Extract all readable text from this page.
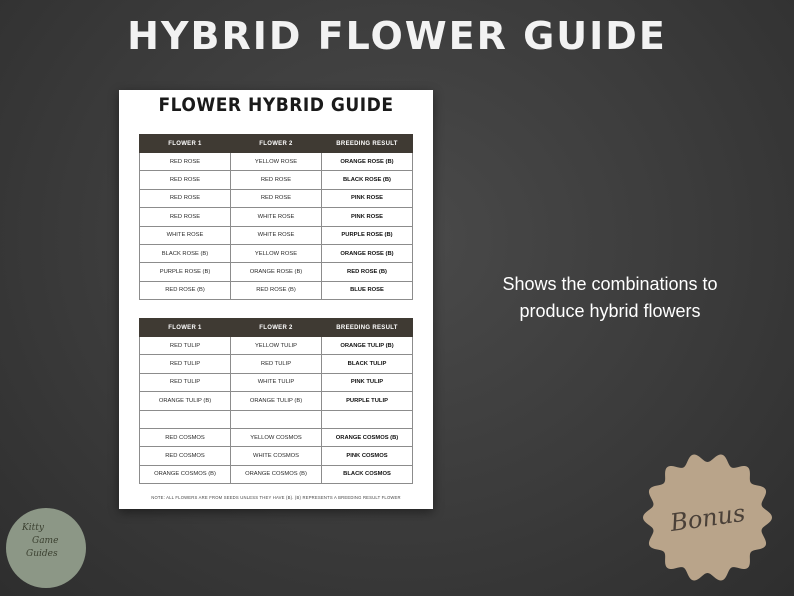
HYBRID FLOWER GUIDE
FLOWER HYBRID GUIDE
FLOWER 1	FLOWER 2	BREEDING RESULT
RED ROSE	YELLOW ROSE	ORANGE ROSE (B)
RED ROSE	RED ROSE	BLACK ROSE (B)
RED ROSE	RED ROSE	PINK ROSE
RED ROSE	WHITE ROSE	PINK ROSE
WHITE ROSE	WHITE ROSE	PURPLE ROSE (B)
BLACK ROSE (B)	YELLOW ROSE	ORANGE ROSE (B)
PURPLE ROSE (B)	ORANGE ROSE (B)	RED ROSE (B)
RED ROSE (B)	RED ROSE (B)	BLUE ROSE
FLOWER 1	FLOWER 2	BREEDING RESULT
RED TULIP	YELLOW TULIP	ORANGE TULIP (B)
RED TULIP	RED TULIP	BLACK TULIP
RED TULIP	WHITE TULIP	PINK TULIP
ORANGE TULIP (B)	ORANGE TULIP (B)	PURPLE TULIP

RED COSMOS	YELLOW COSMOS	ORANGE COSMOS (B)
RED COSMOS	WHITE COSMOS	PINK COSMOS
ORANGE COSMOS (B)	ORANGE COSMOS (B)	BLACK COSMOS
NOTE: ALL FLOWERS ARE FROM SEEDS UNLESS THEY HAVE (B). (B) REPRESENTS A BREEDING RESULT FLOWER
Shows the combinations to
produce hybrid flowers
Bonus
Kitty
Game
Guides
